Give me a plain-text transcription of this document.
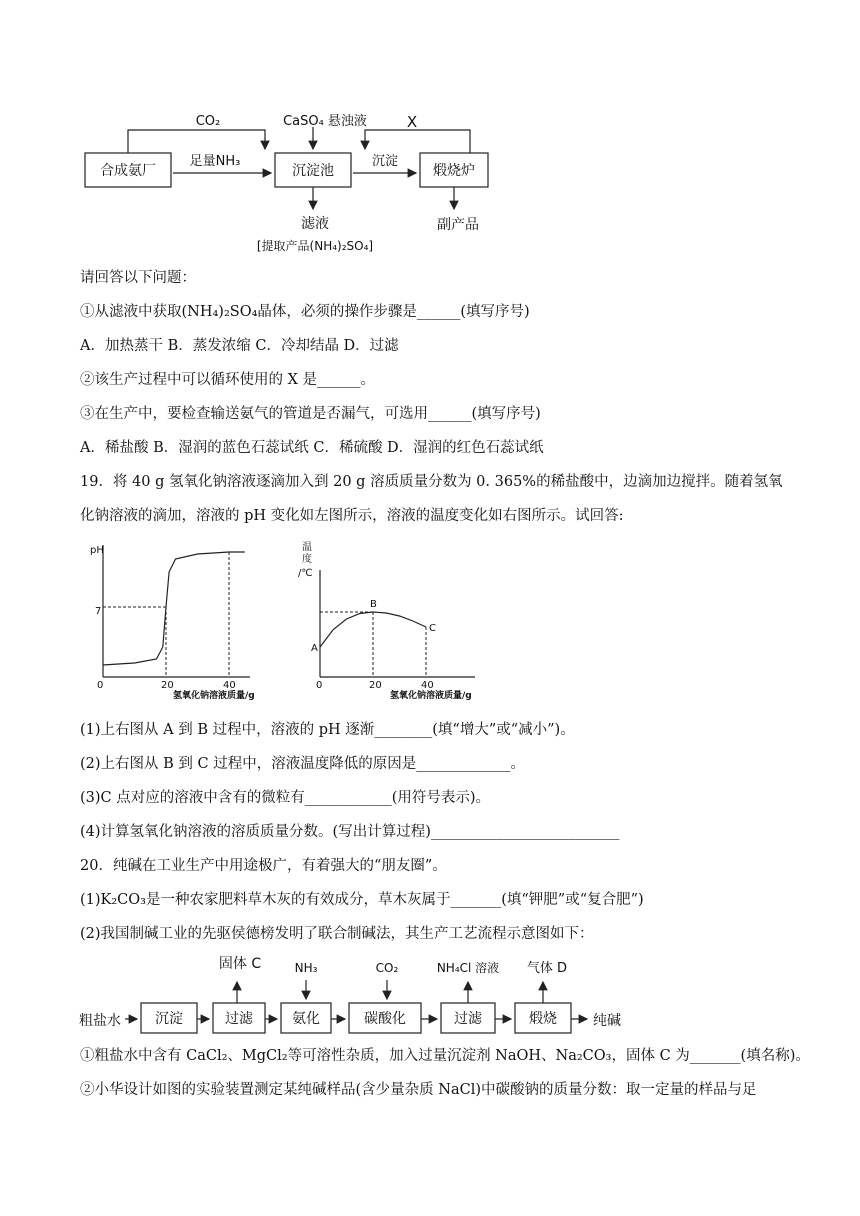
合成氨厂	沉淀池	煅烧炉
CO₂	CaSO₄ 悬浊液	X
足量NH₃	沉淀
滤液
[提取产品(NH₄)₂SO₄]
副产品
请回答以下问题：
①从滤液中获取(NH₄)₂SO₄晶体，必须的操作步骤是______(填写序号)
A．加热蒸干 B．蒸发浓缩 C．冷却结晶 D．过滤
②该生产过程中可以循环使用的 X 是______。
③在生产中，要检查输送氨气的管道是否漏气，可选用______(填写序号)
A．稀盐酸 B．湿润的蓝色石蕊试纸 C．稀硫酸 D．湿润的红色石蕊试纸
19．将 40 g 氢氧化钠溶液逐滴加入到 20 g 溶质质量分数为 0. 365%的稀盐酸中，边滴加边搅拌。随着氢氧
化钠溶液的滴加，溶液的 pH 变化如左图所示，溶液的温度变化如右图所示。试回答:
pH
7
0	20	40
氢氧化钠溶液质量/g
温
度
/℃
0	20	40
氢氧化钠溶液质量/g
A
B
C
(1)上右图从 A 到 B 过程中，溶液的 pH 逐渐________(填“增大”或“减小”)。
(2)上右图从 B 到 C 过程中，溶液温度降低的原因是_____________。
(3)C 点对应的溶液中含有的微粒有____________(用符号表示)。
(4)计算氢氧化钠溶液的溶质质量分数。(写出计算过程)__________________________
20．纯碱在工业生产中用途极广，有着强大的“朋友圈”。
(1)K₂CO₃是一种农家肥料草木灰的有效成分，草木灰属于_______(填“钾肥”或“复合肥”)
(2)我国制碱工业的先驱侯德榜发明了联合制碱法，其生产工艺流程示意图如下：
粗盐水 沉淀	过滤
固体 C
氨化
NH₃
碳酸化
CO₂
过滤
NH₄Cl 溶液
煅烧
气体 D
纯碱
①粗盐水中含有 CaCl₂、MgCl₂等可溶性杂质，加入过量沉淀剂 NaOH、Na₂CO₃，固体 C 为_______(填名称)。
②小华设计如图的实验装置测定某纯碱样品(含少量杂质 NaCl)中碳酸钠的质量分数：取一定量的样品与足
